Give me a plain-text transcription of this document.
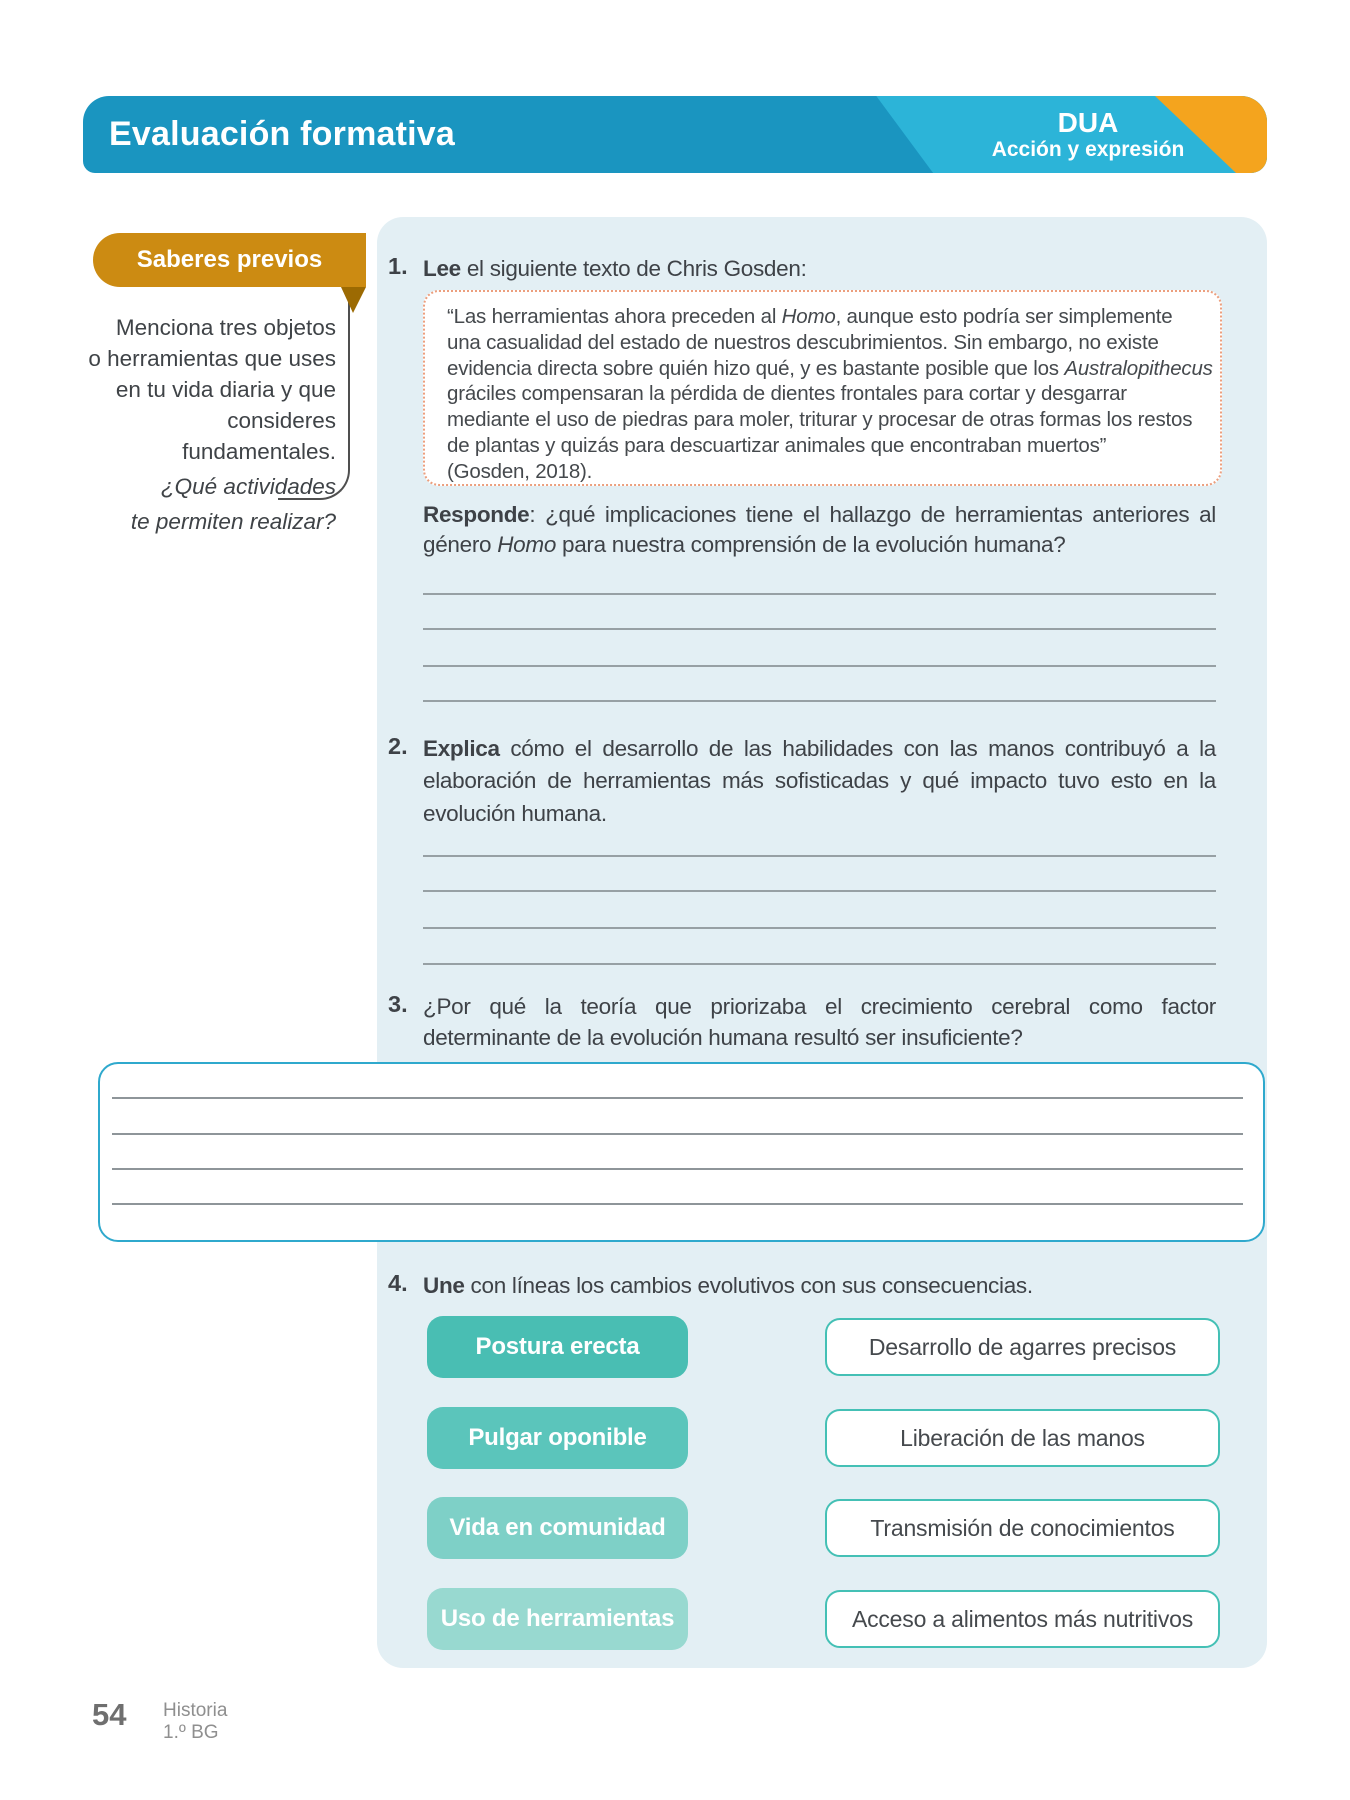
Evaluación formativa	DUA
Acción y expresión
Saberes previos
Menciona tres objetos
o herramientas que uses
en tu vida diaria y que
consideres
fundamentales.
¿Qué actividades
te permiten realizar?
1. Lee el siguiente texto de Chris Gosden:
“Las herramientas ahora preceden al Homo, aunque esto podría ser simplemente
una casualidad del estado de nuestros descubrimientos. Sin embargo, no existe
evidencia directa sobre quién hizo qué, y es bastante posible que los Australopithecus
gráciles compensaran la pérdida de dientes frontales para cortar y desgarrar
mediante el uso de piedras para moler, triturar y procesar de otras formas los restos
de plantas y quizás para descuartizar animales que encontraban muertos”
(Gosden, 2018).
Responde: ¿qué implicaciones tiene el hallazgo de herramientas anteriores al género Homo para nuestra comprensión de la evolución humana?
2. Explica cómo el desarrollo de las habilidades con las manos contribuyó a la elaboración de herramientas más sofisticadas y qué impacto tuvo esto en la evolución humana.
3. ¿Por qué la teoría que priorizaba el crecimiento cerebral como factor determinante de la evolución humana resultó ser insuficiente?
4. Une con líneas los cambios evolutivos con sus consecuencias.
Postura erecta
Pulgar oponible
Vida en comunidad
Uso de herramientas
Desarrollo de agarres precisos
Liberación de las manos
Transmisión de conocimientos
Acceso a alimentos más nutritivos
54 Historia
1.º BG
